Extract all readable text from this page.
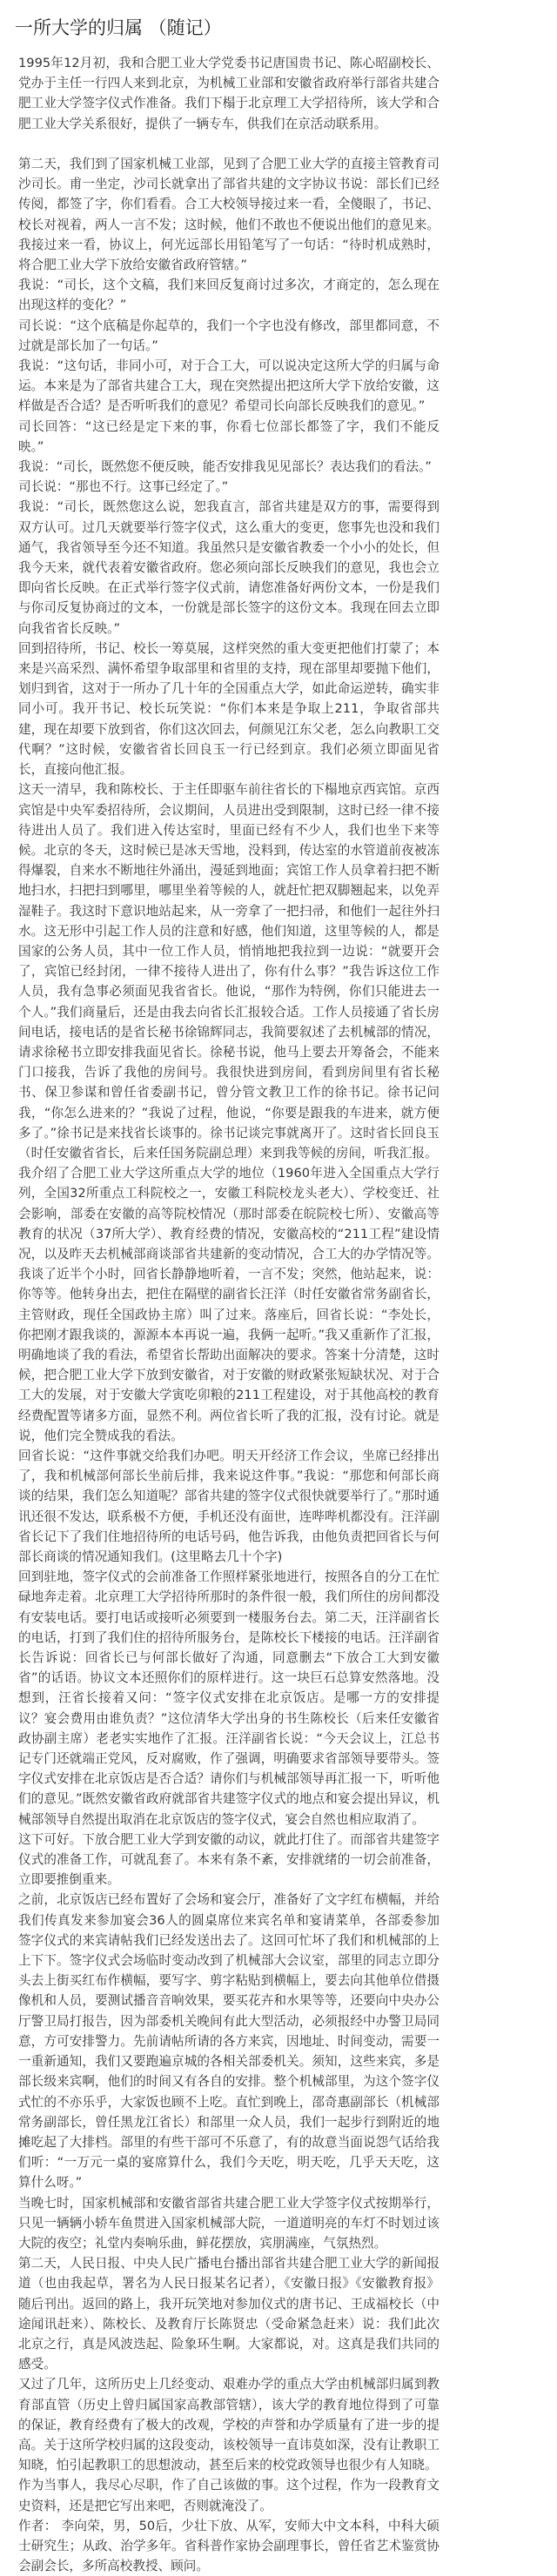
一所大学的归属 （随记）

1995年12月初，我和合肥工业大学党委书记唐国贵书记、陈心昭副校长、党办于主任一行四人来到北京，为机械工业部和安徽省政府举行部省共建合肥工业大学签字仪式作准备。我们下榻于北京理工大学招待所，该大学和合肥工业大学关系很好，提供了一辆专车，供我们在京活动联系用。

第二天，我们到了国家机械工业部，见到了合肥工业大学的直接主管教育司沙司长。甫一坐定，沙司长就拿出了部省共建的文字协议书说：部长们已经传阅，都签了字，你们看看。合工大校领导接过来一看，全傻眼了，书记、校长对视着，两人一言不发；这时候，他们不敢也不便说出他们的意见来。我接过来一看，协议上，何光远部长用铅笔写了一句话：“待时机成熟时，将合肥工业大学下放给安徽省政府管辖。”

我说：“司长，这个文稿，我们来回反复商讨过多次，才商定的，怎么现在出现这样的变化？”

司长说：“这个底稿是你起草的，我们一个字也没有修改，部里都同意，不过就是部长加了一句话。”

我说：“这句话，非同小可，对于合工大，可以说决定这所大学的归属与命运。本来是为了部省共建合工大，现在突然提出把这所大学下放给安徽，这样做是否合适？是否听听我们的意见？希望司长向部长反映我们的意见。”

司长回答：“这已经是定下来的事，你看七位部长都签了字，我们不能反映。”

我说：“司长，既然您不便反映，能否安排我见见部长？表达我们的看法。”

司长说：“那也不行。这事已经定了。”

我说：“司长，既然您这么说，恕我直言，部省共建是双方的事，需要得到双方认可。过几天就要举行签字仪式，这么重大的变更，您事先也没和我们通气，我省领导至今还不知道。我虽然只是安徽省教委一个小小的处长，但我今天来，就代表着安徽省政府。您必须向部长反映我们的意见，我也会立即向省长反映。在正式举行签字仪式前，请您准备好两份文本，一份是我们与你司反复协商过的文本，一份就是部长签字的这份文本。我现在回去立即向我省省长反映。”

回到招待所，书记、校长一筹莫展，这样突然的重大变更把他们打蒙了；本来是兴高采烈、满怀希望争取部里和省里的支持，现在部里却要抛下他们，划归到省，这对于一所办了几十年的全国重点大学，如此命运逆转，确实非同小可。我开书记、校长玩笑说：“你们本来是争取上211，争取省部共建，现在却要下放到省，你们这次回去，何颜见江东父老，怎么向教职工交代啊？”这时候，安徽省省长回良玉一行已经到京。我们必须立即面见省长，直接向他汇报。

这天一清早，我和陈校长、于主任即驱车前往省长的下榻地京西宾馆。京西宾馆是中央军委招待所，会议期间，人员进出受到限制，这时已经一律不接待进出人员了。我们进入传达室时，里面已经有不少人，我们也坐下来等候。北京的冬天，这时候已是冰天雪地，没料到，传达室的水管道前夜被冻得爆裂，自来水不断地往外涌出，漫延到地面；宾馆工作人员拿着扫把不断地扫水，扫把扫到哪里，哪里坐着等候的人，就赶忙把双脚翘起来，以免弄湿鞋子。我这时下意识地站起来，从一旁拿了一把扫帚，和他们一起往外扫水。这无形中引起工作人员的注意和好感，他们知道，这里等候的人，都是国家的公务人员，其中一位工作人员，悄悄地把我拉到一边说：“就要开会了，宾馆已经封闭，一律不接待人进出了，你有什么事？”我告诉这位工作人员，我有急事必须面见我省省长。他说，“那作为特例，你们只能进去一个人。”我们商量后，还是由我去向省长汇报较合适。工作人员接通了省长房间电话，接电话的是省长秘书徐锦辉同志，我简要叙述了去机械部的情况，请求徐秘书立即安排我面见省长。徐秘书说，他马上要去开筹备会，不能来门口接我，告诉了我他的房间号。我很快进到房间，看到房间里有省长秘书、保卫参谋和曾任省委副书记，曾分管文教卫工作的徐书记。徐书记问我，“你怎么进来的？”我说了过程，他说，“你要是跟我的车进来，就方便多了。”徐书记是来找省长谈事的。徐书记谈完事就离开了。这时省长回良玉（时任安徽省省长，后来任国务院副总理）来到我等候的房间，听我汇报。

我介绍了合肥工业大学这所重点大学的地位（1960年进入全国重点大学行列，全国32所重点工科院校之一，安徽工科院校龙头老大）、学校变迁、社会影响，部委在安徽的高等院校情况（那时部委在皖院校七所）、安徽高等教育的状况（37所大学）、教育经费的情况，安徽高校的“211工程”建设情况，以及昨天去机械部商谈部省共建新的变动情况，合工大的办学情况等。我谈了近半个小时，回省长静静地听着，一言不发；突然，他站起来，说：你等等。他转身出去，把住在隔壁的副省长汪洋（时任安徽省常务副省长，主管财政，现任全国政协主席）叫了过来。落座后，回省长说：“李处长，你把刚才跟我谈的，源源本本再说一遍，我俩一起听。”我又重新作了汇报，明确地谈了我的看法，希望省长帮助出面解决的要求。答案十分清楚，这时候，把合肥工业大学下放到安徽省，对于安徽的财政紧张短缺状况、对于合工大的发展，对于安徽大学寅吃卯粮的211工程建设，对于其他高校的教育经费配置等诸多方面，显然不利。两位省长听了我的汇报，没有讨论。就是说，他们完全赞成我的看法。

回省长说：“这件事就交给我们办吧。明天开经济工作会议，坐席已经排出了，我和机械部何部长坐前后排，我来说这件事。”我说：“那您和何部长商谈的结果，我们怎么知道呢？部省共建的签字仪式很快就要举行了。”那时通讯还很不发达，联系极不方便，手机还没有面世，连哔哔机都没有。汪洋副省长记下了我们住地招待所的电话号码，他告诉我，由他负责把回省长与何部长商谈的情况通知我们。(这里略去几十个字)

回到驻地，签字仪式的会前准备工作照样紧张地进行，按照各自的分工在忙碌地奔走着。北京理工大学招待所那时的条件很一般，我们所住的房间都没有安装电话。要打电话或接听必须要到一楼服务台去。第二天，汪洋副省长的电话，打到了我们住的招待所服务台，是陈校长下楼接的电话。汪洋副省长告诉说：回省长已与何部长做好了沟通，同意删去“下放合工大到安徽省”的话语。协议文本还照你们的原样进行。这一块巨石总算安然落地。没想到，汪省长接着又问：“签字仪式安排在北京饭店。是哪一方的安排提议？宴会费用由谁负责？”这位清华大学出身的书生陈校长（后来任安徽省政协副主席）老老实实地作了汇报。汪洋副省长说：“今天会议上，江总书记专门还就端正党风，反对腐败，作了强调，明确要求省部领导要带头。签字仪式安排在北京饭店是否合适？请你们与机械部领导再汇报一下，听听他们的意见。”既然安徽省政府就部省共建签字仪式的地点和宴会提出异议，机械部领导自然提出取消在北京饭店的签字仪式，宴会自然也相应取消了。

这下可好。下放合肥工业大学到安徽的动议，就此打住了。而部省共建签字仪式的准备工作，可就乱套了。本来有条不紊，安排就绪的一切会前准备，立即要推倒重来。

之前，北京饭店已经布置好了会场和宴会厅，准备好了文字红布横幅，并给我们传真发来参加宴会36人的圆桌席位来宾名单和宴请菜单，各部委参加签字仪式的来宾请帖我们已经发送出去了。这回可忙坏了我们和机械部的上上下下。签字仪式会场临时变动改到了机械部大会议室，部里的同志立即分头去上街买红布作横幅，要写字、剪字粘贴到横幅上，要去向其他单位借摄像机和人员，要测试播音音响效果，要买花卉和水果等等，还要向中央办公厅警卫局打报告，因为部委机关晚间有此大型活动，必须报经中办警卫局同意，方可安排警力。先前请帖所请的各方来宾，因地址、时间变动，需要一一重新通知，我们又要跑遍京城的各相关部委机关。须知，这些来宾，多是部长级来宾啊，他们的时间又有各自的安排。整个机械部里，为这个签字仪式忙的不亦乐乎，大家饭也顾不上吃。直忙到晚上，邵奇惠副部长（机械部常务副部长，曾任黑龙江省长）和部里一众人员，我们一起步行到附近的地摊吃起了大排档。部里的有些干部可不乐意了，有的故意当面说怨气话给我们听：“一万元一桌的宴席算什么，我们今天吃，明天吃，几乎天天吃，这算什么呀。”

当晚七时，国家机械部和安徽省部省共建合肥工业大学签字仪式按期举行，只见一辆辆小轿车鱼贯进入国家机械部大院，一道道明亮的车灯不时划过该大院的夜空；礼堂内奏响乐曲，鲜花摆放，宾朋满座，气氛热烈。

第二天，人民日报、中央人民广播电台播出部省共建合肥工业大学的新闻报道（也由我起草，署名为人民日报某名记者），《安徽日报》《安徽教育报》随后刊出。返回的路上，我开玩笑地对参加仪式的唐书记、王成福校长（中途闻讯赶来）、陈校长、及教育厅长陈贤忠（受命紧急赶来）说：我们此次北京之行，真是风波迭起、险象环生啊。大家都说，对。这真是我们共同的感受。

又过了几年，这所历史上几经变动、艰难办学的重点大学由机械部归属到教育部直管（历史上曾归属国家高教部管辖），该大学的教育地位得到了可靠的保证，教育经费有了极大的改观，学校的声誉和办学质量有了进一步的提高。关于这所学校归属的这段变动，该校领导一直讳莫如深，没有让教职工知晓，怕引起教职工的思想波动，甚至后来的校党政领导也很少有人知晓。

作为当事人，我尽心尽职，作了自己该做的事。这个过程，作为一段教育文史资料，还是把它写出来吧，否则就淹没了。

作者： 李向荣，男，50后，少壮下放、从军，安师大中文本科，中科大硕士研究生；从政、治学多年。省科普作家协会副理事长，曾任省艺术鉴赏协会副会长，多所高校教授、顾问。
